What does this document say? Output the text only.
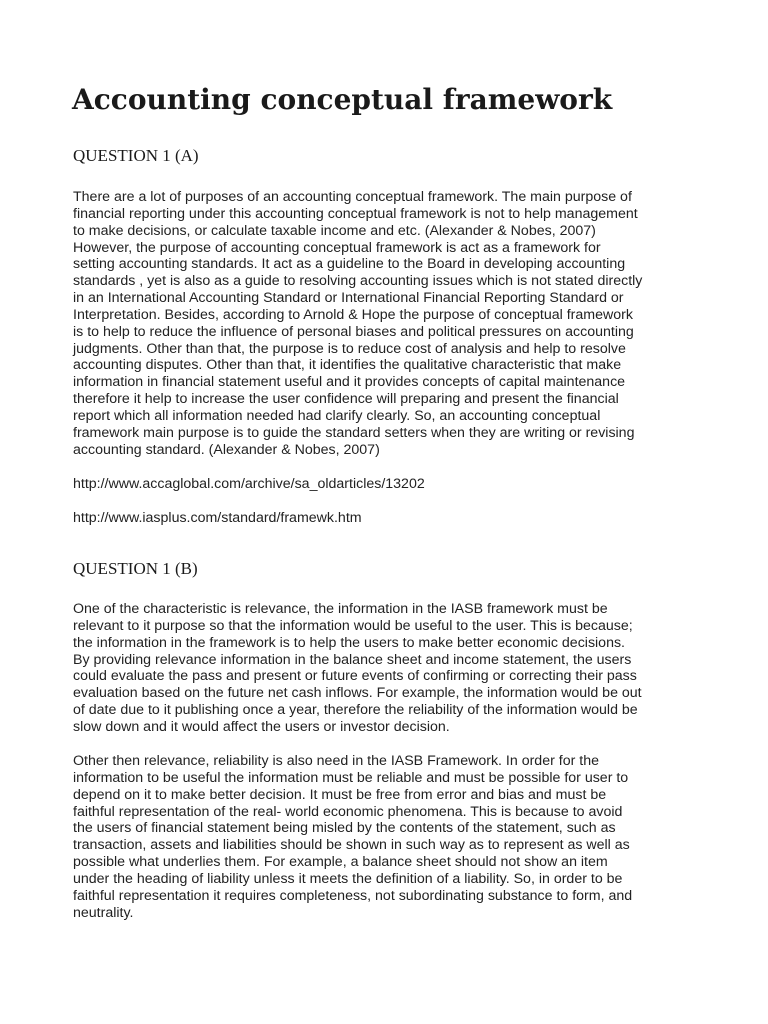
Accounting conceptual framework
QUESTION 1 (A)
There are a lot of purposes of an accounting conceptual framework. The main purpose of
financial reporting under this accounting conceptual framework is not to help management
to make decisions, or calculate taxable income and etc. (Alexander & Nobes, 2007)
However, the purpose of accounting conceptual framework is act as a framework for
setting accounting standards. It act as a guideline to the Board in developing accounting
standards , yet is also as a guide to resolving accounting issues which is not stated directly
in an International Accounting Standard or International Financial Reporting Standard or
Interpretation. Besides, according to Arnold & Hope the purpose of conceptual framework
is to help to reduce the influence of personal biases and political pressures on accounting
judgments. Other than that, the purpose is to reduce cost of analysis and help to resolve
accounting disputes. Other than that, it identifies the qualitative characteristic that make
information in financial statement useful and it provides concepts of capital maintenance
therefore it help to increase the user confidence will preparing and present the financial
report which all information needed had clarify clearly. So, an accounting conceptual
framework main purpose is to guide the standard setters when they are writing or revising
accounting standard. (Alexander & Nobes, 2007)
http://www.accaglobal.com/archive/sa_oldarticles/13202
http://www.iasplus.com/standard/framewk.htm
QUESTION 1 (B)
One of the characteristic is relevance, the information in the IASB framework must be
relevant to it purpose so that the information would be useful to the user. This is because;
the information in the framework is to help the users to make better economic decisions.
By providing relevance information in the balance sheet and income statement, the users
could evaluate the pass and present or future events of confirming or correcting their pass
evaluation based on the future net cash inflows. For example, the information would be out
of date due to it publishing once a year, therefore the reliability of the information would be
slow down and it would affect the users or investor decision.
Other then relevance, reliability is also need in the IASB Framework. In order for the
information to be useful the information must be reliable and must be possible for user to
depend on it to make better decision. It must be free from error and bias and must be
faithful representation of the real- world economic phenomena. This is because to avoid
the users of financial statement being misled by the contents of the statement, such as
transaction, assets and liabilities should be shown in such way as to represent as well as
possible what underlies them. For example, a balance sheet should not show an item
under the heading of liability unless it meets the definition of a liability. So, in order to be
faithful representation it requires completeness, not subordinating substance to form, and
neutrality.
